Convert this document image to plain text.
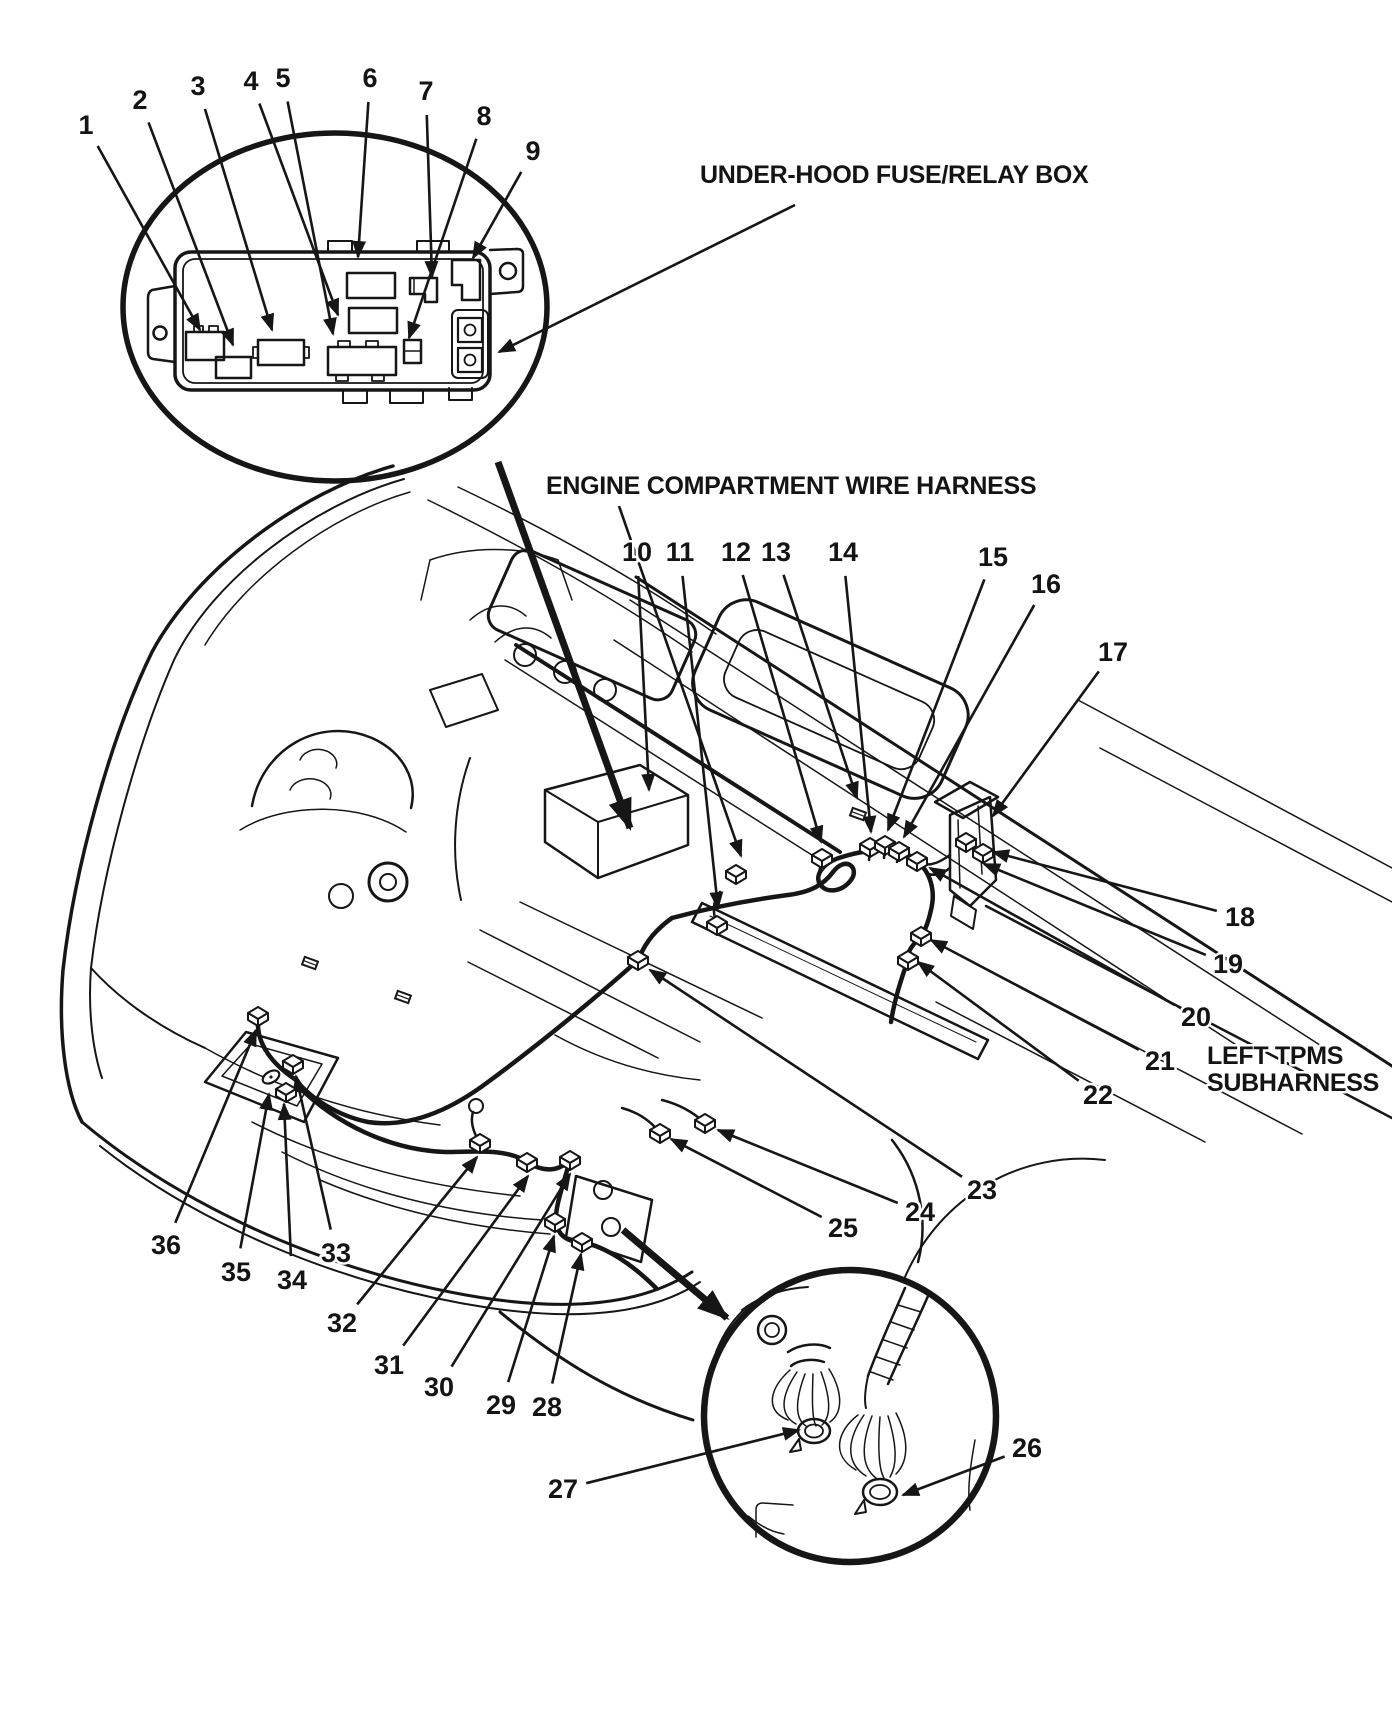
1
2 3 4 5	6 7
8
9
10 11 12 13 14	15
16
17
18
19
20
21
22
23
24
25
26
27
28
29
30
31
32
33
34
35
36
UNDER-HOOD FUSE/RELAY BOX
ENGINE COMPARTMENT WIRE HARNESS
LEFT TPMS
SUBHARNESS
